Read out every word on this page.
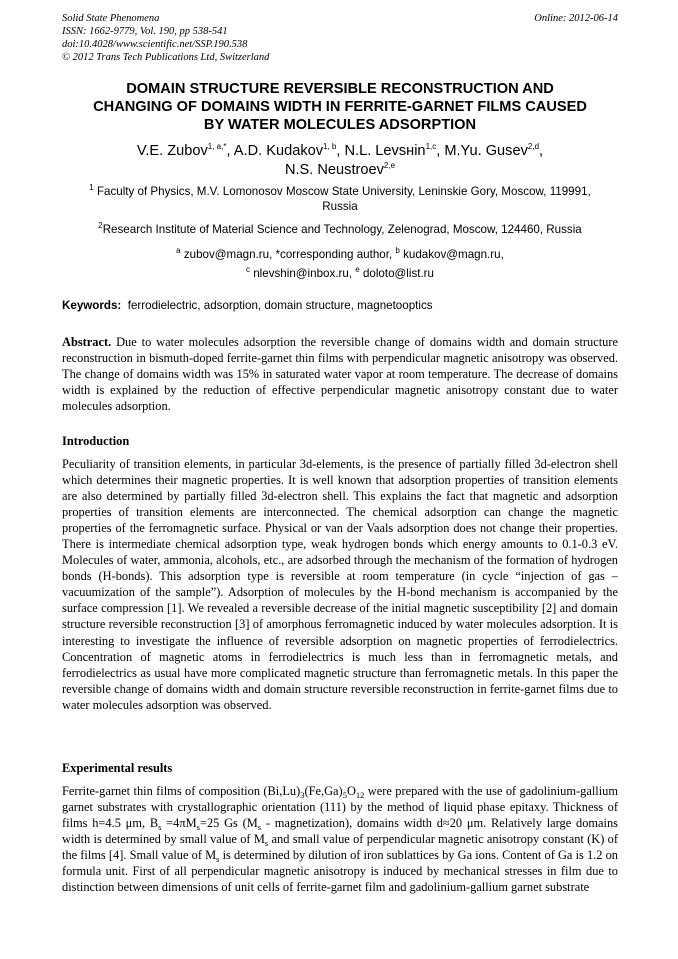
Solid State Phenomena
ISSN: 1662-9779, Vol. 190, pp 538-541
doi:10.4028/www.scientific.net/SSP.190.538
© 2012 Trans Tech Publications Ltd, Switzerland
Online: 2012-06-14
DOMAIN STRUCTURE REVERSIBLE RECONSTRUCTION AND
CHANGING OF DOMAINS WIDTH IN FERRITE-GARNET FILMS CAUSED
BY WATER MOLECULES ADSORPTION
V.E. Zubov$^{1, a,*}$, A.D. Kudakov$^{1, b}$, N.L. Levsнin$^{1,c}$, M.Yu. Gusev$^{2,d}$,
N.S. Neustroev$^{2,e}$
$^1$ Faculty of Physics, M.V. Lomonosov Moscow State University, Leninskie Gory, Moscow, 119991,
Russia
$^2$Research Institute of Material Science and Technology, Zelenograd, Moscow, 124460, Russia
$^a$ zubov@magn.ru, *corresponding author, $^b$ kudakov@magn.ru,
$^c$ nlevshin@inbox.ru, $^e$ doloto@list.ru
Keywords: ferrodielectric, adsorption, domain structure, magnetooptics
Abstract. Due to water molecules adsorption the reversible change of domains width and domain structure reconstruction in bismuth-doped ferrite-garnet thin films with perpendicular magnetic anisotropy was observed. The change of domains width was 15% in saturated water vapor at room temperature. The decrease of domains width is explained by the reduction of effective perpendicular magnetic anisotropy constant due to water molecules adsorption.
Introduction
Peculiarity of transition elements, in particular 3d-elements, is the presence of partially filled 3d-electron shell which determines their magnetic properties. It is well known that adsorption properties of transition elements are also determined by partially filled 3d-electron shell. This explains the fact that magnetic and adsorption properties of transition elements are interconnected. The chemical adsorption can change the magnetic properties of the ferromagnetic surface. Physical or van der Vaals adsorption does not change their properties. There is intermediate chemical adsorption type, weak hydrogen bonds which energy amounts to 0.1-0.3 eV. Molecules of water, ammonia, alcohols, etc., are adsorbed through the mechanism of the formation of hydrogen bonds (H-bonds). This adsorption type is reversible at room temperature (in cycle “injection of gas – vacuumization of the sample”). Adsorption of molecules by the H-bond mechanism is accompanied by the surface compression [1]. We revealed a reversible decrease of the initial magnetic susceptibility [2] and domain structure reversible reconstruction [3] of amorphous ferromagnetic induced by water molecules adsorption. It is interesting to investigate the influence of reversible adsorption on magnetic properties of ferrodielectrics. Concentration of magnetic atoms in ferrodielectrics is much less than in ferromagnetic metals, and ferrodielectrics as usual have more complicated magnetic structure than ferromagnetic metals. In this paper the reversible change of domains width and domain structure reversible reconstruction in ferrite-garnet films due to water molecules adsorption was observed.
Experimental results
Ferrite-garnet thin films of composition $(Bi,Lu)_3(Fe,Ga)_5O_{12}$ were prepared with the use of gadolinium-gallium garnet substrates with crystallographic orientation (111) by the method of liquid phase epitaxy. Thickness of films h=4.5 μm, $B_s =4\pi M_s=25$ Gs ($M_s$ - magnetization), domains width d≈20 μm. Relatively large domains width is determined by small value of $M_s$ and small value of perpendicular magnetic anisotropy constant (K) of the films [4]. Small value of $M_s$ is determined by dilution of iron sublattices by Ga ions. Content of Ga is 1.2 on formula unit. First of all perpendicular magnetic anisotropy is induced by mechanical stresses in film due to distinction between dimensions of unit cells of ferrite-garnet film and gadolinium-gallium garnet substrate
